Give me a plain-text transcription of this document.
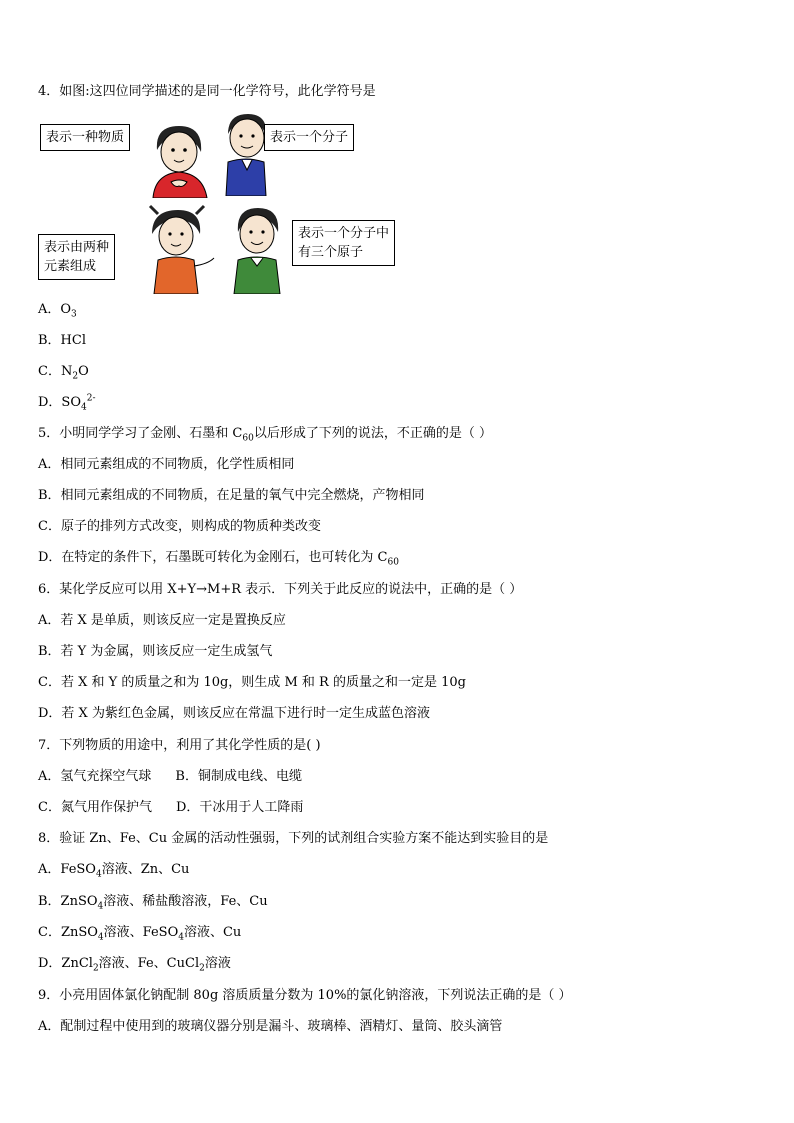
4．如图:这四位同学描述的是同一化学符号，此化学符号是
表示一种物质	表示一个分子
表示由两种
元素组成
表示一个分子中
有三个原子
A．$O_3$
B．HCl
C．$N_2O$
D．$SO_4^{2-}$
5．小明同学学习了金刚、石墨和 $C_{60}$以后形成了下列的说法，不正确的是（ ）
A．相同元素组成的不同物质，化学性质相同
B．相同元素组成的不同物质，在足量的氧气中完全燃烧，产物相同
C．原子的排列方式改变，则构成的物质种类改变
D．在特定的条件下，石墨既可转化为金刚石，也可转化为 $C_{60}$
6．某化学反应可以用 X+Y→M+R 表示．下列关于此反应的说法中，正确的是（ ）
A．若 X 是单质，则该反应一定是置换反应
B．若 Y 为金属，则该反应一定生成氢气
C．若 X 和 Y 的质量之和为 10g，则生成 M 和 R 的质量之和一定是 10g
D．若 X 为紫红色金属，则该反应在常温下进行时一定生成蓝色溶液
7．下列物质的用途中，利用了其化学性质的是( )
A．氢气充探空气球 B．铜制成电线、电缆
C．氮气用作保护气 D．干冰用于人工降雨
8．验证 Zn、Fe、Cu 金属的活动性强弱，下列的试剂组合实验方案不能达到实验目的是
A．FeSO$_4$溶液、Zn、Cu
B．ZnSO$_4$溶液、稀盐酸溶液，Fe、Cu
C．ZnSO$_4$溶液、FeSO$_4$溶液、Cu
D．ZnCl$_2$溶液、Fe、CuCl$_2$溶液
9．小亮用固体氯化钠配制 80g 溶质质量分数为 10%的氯化钠溶液，下列说法正确的是（ ）
A．配制过程中使用到的玻璃仪器分别是漏斗、玻璃棒、酒精灯、量筒、胶头滴管
